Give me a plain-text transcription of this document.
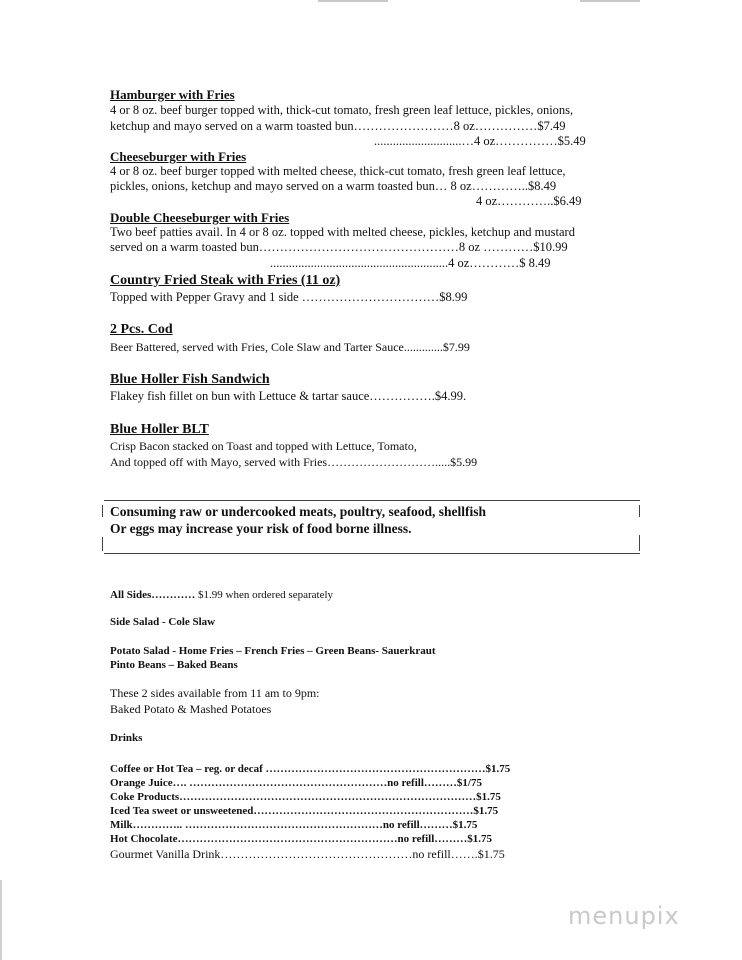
Hamburger with Fries
4 or 8 oz. beef burger topped with, thick-cut tomato, fresh green leaf lettuce, pickles, onions,
ketchup and mayo served on a warm toasted bun……………………8 oz……………$7.49
............................…4 oz……………$5.49
Cheeseburger with Fries
4 or 8 oz. beef burger topped with melted cheese, thick-cut tomato, fresh green leaf lettuce,
pickles, onions, ketchup and mayo served on a warm toasted bun… 8 oz…………..$8.49
4 oz…………..$6.49
Double Cheeseburger with Fries
Two beef patties avail. In 4 or 8 oz. topped with melted cheese, pickles, ketchup and mustard
served on a warm toasted bun…………………………………………8 oz …………$10.99
.........................................................4 oz…………$ 8.49
Country Fried Steak with Fries (11 oz)
Topped with Pepper Gravy and 1 side ……………………………$8.99
2 Pcs. Cod
Beer Battered, served with Fries, Cole Slaw and Tarter Sauce.............$7.99
Blue Holler Fish Sandwich
Flakey fish fillet on bun with Lettuce & tartar sauce…………….$4.99.
Blue Holler BLT
Crisp Bacon stacked on Toast and topped with Lettuce, Tomato,
And topped off with Mayo, served with Fries……………………….....$5.99
Consuming raw or undercooked meats, poultry, seafood, shellfish
Or eggs may increase your risk of food borne illness.
All Sides………… $1.99 when ordered separately
Side Salad - Cole Slaw
Potato Salad - Home Fries – French Fries – Green Beans- Sauerkraut
Pinto Beans – Baked Beans
These 2 sides available from 11 am to 9pm:
Baked Potato & Mashed Potatoes
Drinks
Coffee or Hot Tea – reg. or decaf ……………………………………………………$1.75
Orange Juice…. ………………………………………………no refill………$1/75
Coke Products………………………………………………………………………$1.75
Iced Tea sweet or unsweetened……………………………………………………$1.75
Milk………….. ………………………………………………no refill………$1.75
Hot Chocolate……………………………………………………no refill………$1.75
Gourmet Vanilla Drink…………………………………………no refill…….$1.75
menupix
